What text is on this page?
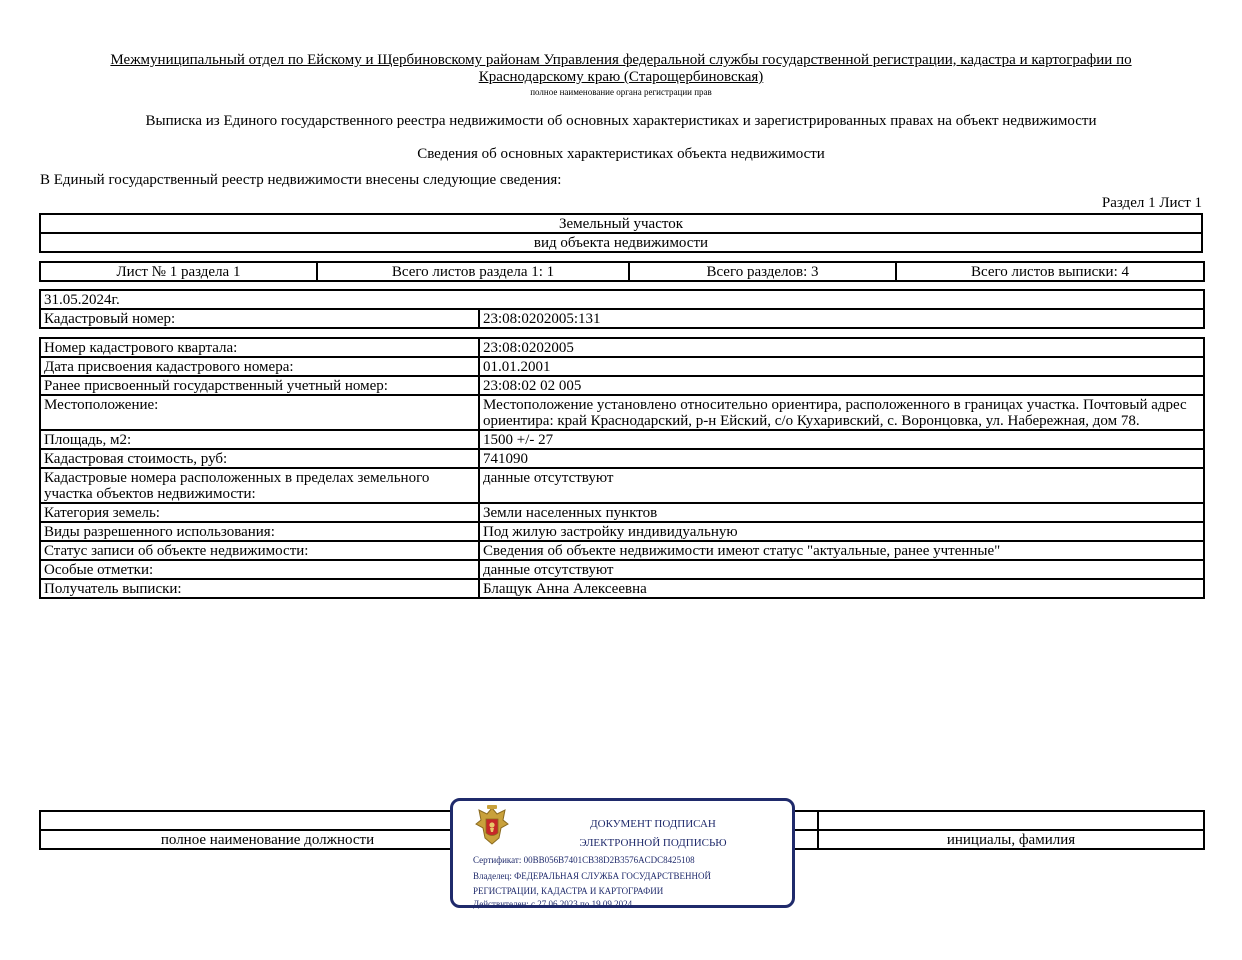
Межмуниципальный отдел по Ейскому и Щербиновскому районам Управления федеральной службы государственной регистрации, кадастра и картографии по
Краснодарскому краю (Старощербиновская)
полное наименование органа регистрации прав
Выписка из Единого государственного реестра недвижимости об основных характеристиках и зарегистрированных правах на объект недвижимости
Сведения об основных характеристиках объекта недвижимости
В Единый государственный реестр недвижимости внесены следующие сведения:
Раздел 1 Лист 1
Земельный участок
вид объекта недвижимости
Лист № 1 раздела 1	Всего листов раздела 1: 1	Всего разделов: 3	Всего листов выписки: 4
31.05.2024г.
Кадастровый номер:	23:08:0202005:131
Номер кадастрового квартала:	23:08:0202005
Дата присвоения кадастрового номера:	01.01.2001
Ранее присвоенный государственный учетный номер:	23:08:02 02 005
Местоположение:	Местоположение установлено относительно ориентира, расположенного в границах участка. Почтовый адрес ориентира: край Краснодарский, р-н Ейский, с/о Кухаривский, с. Воронцовка, ул. Набережная, дом 78.
Площадь, м2:	1500 +/- 27
Кадастровая стоимость, руб:	741090
Кадастровые номера расположенных в пределах земельного участка объектов недвижимости:	данные отсутствуют
Категория земель:	Земли населенных пунктов
Виды разрешенного использования:	Под жилую застройку индивидуальную
Статус записи об объекте недвижимости:	Сведения об объекте недвижимости имеют статус "актуальные, ранее учтенные"
Особые отметки:	данные отсутствуют
Получатель выписки:	Блащук Анна Алексеевна

полное наименование должности		инициалы, фамилия
ДОКУМЕНТ ПОДПИСАН
ЭЛЕКТРОННОЙ ПОДПИСЬЮ
Сертификат: 00BB056B7401CB38D2B3576ACDC8425108
Владелец: ФЕДЕРАЛЬНАЯ СЛУЖБА ГОСУДАРСТВЕННОЙ
РЕГИСТРАЦИИ, КАДАСТРА И КАРТОГРАФИИ
Действителен: с 27.06.2023 по 19.09.2024
